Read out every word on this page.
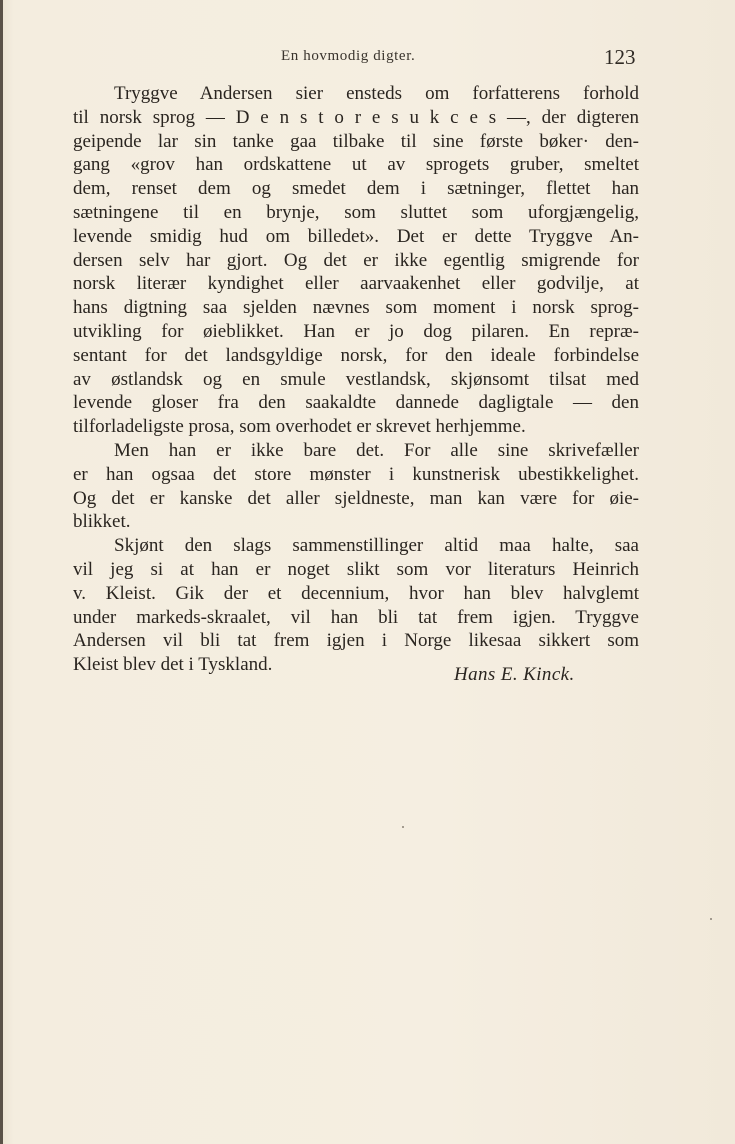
En hovmodig digter.	123
Tryggve Andersen sier ensteds om forfatterens forhold
til norsk sprog — D e n s t o r e s u k c e s —, der digteren
geipende lar sin tanke gaa tilbake til sine første bøker· den-
gang «grov han ordskattene ut av sprogets gruber, smeltet
dem, renset dem og smedet dem i sætninger, flettet han
sætningene til en brynje, som sluttet som uforgjængelig,
levende smidig hud om billedet». Det er dette Tryggve An-
dersen selv har gjort. Og det er ikke egentlig smigrende for
norsk literær kyndighet eller aarvaakenhet eller godvilje, at
hans digtning saa sjelden nævnes som moment i norsk sprog-
utvikling for øieblikket. Han er jo dog pilaren. En repræ-
sentant for det landsgyldige norsk, for den ideale forbindelse
av østlandsk og en smule vestlandsk, skjønsomt tilsat med
levende gloser fra den saakaldte dannede dagligtale — den
tilforladeligste prosa, som overhodet er skrevet herhjemme.
Men han er ikke bare det. For alle sine skrivefæller
er han ogsaa det store mønster i kunstnerisk ubestikkelighet.
Og det er kanske det aller sjeldneste, man kan være for øie-
blikket.
Skjønt den slags sammenstillinger altid maa halte, saa
vil jeg si at han er noget slikt som vor literaturs Heinrich
v. Kleist. Gik der et decennium, hvor han blev halvglemt
under markeds-skraalet, vil han bli tat frem igjen. Tryggve
Andersen vil bli tat frem igjen i Norge likesaa sikkert som
Kleist blev det i Tyskland.	Hans E. Kinck.
